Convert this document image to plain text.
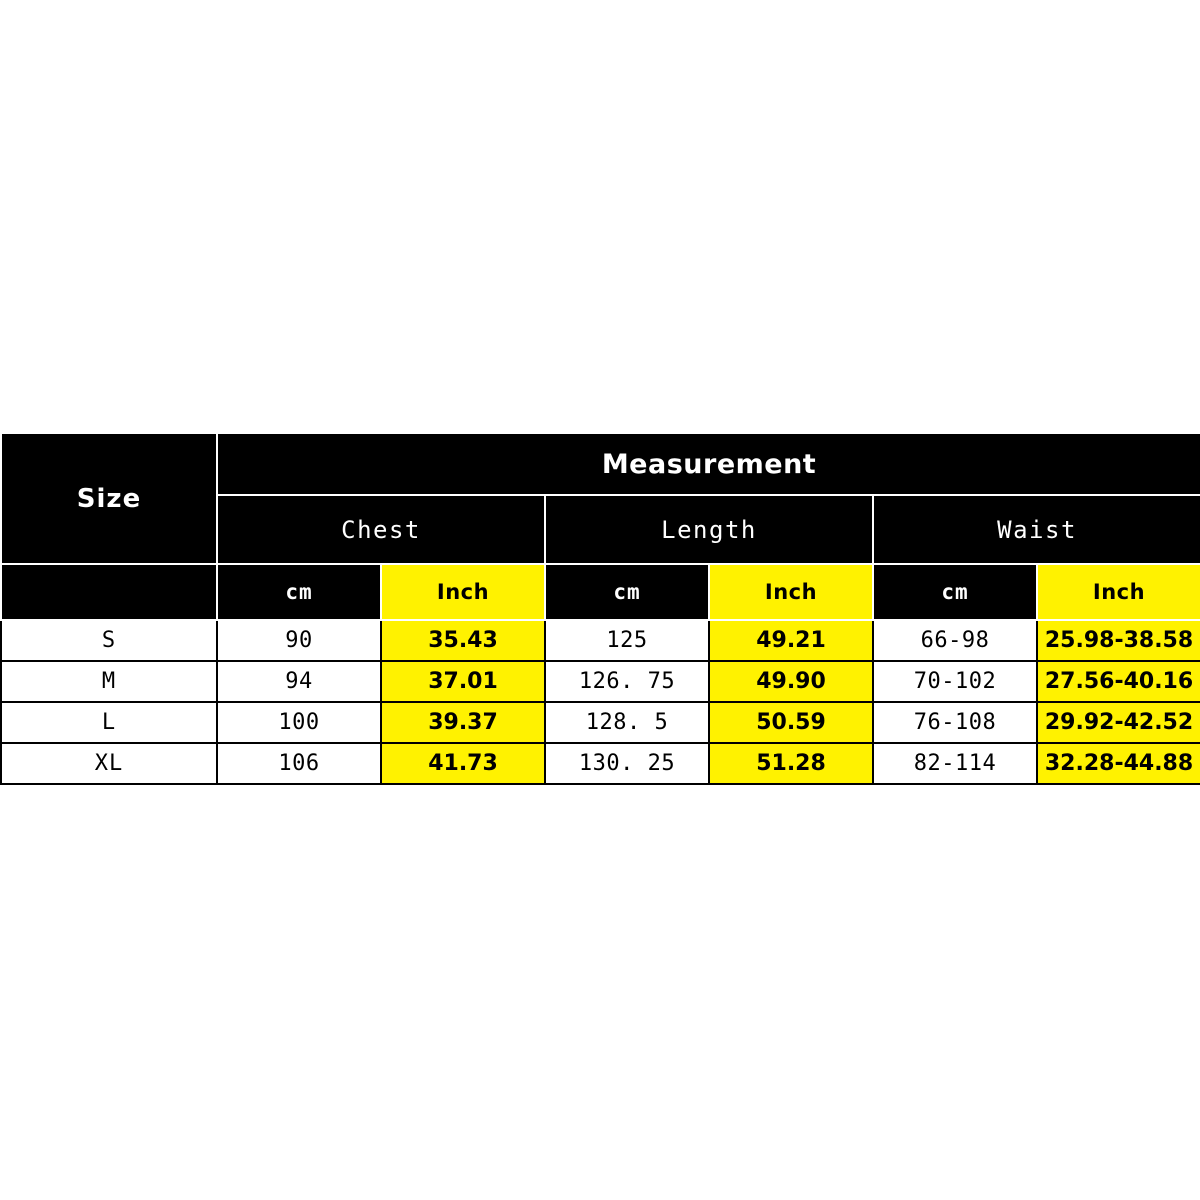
Size	Measurement					
	Chest		Length		Waist	
	cm	Inch	cm	Inch	cm	Inch
S	90	35.43	125	49.21	66-98	25.98-38.58
M	94	37.01	126. 75	49.90	70-102	27.56-40.16
L	100	39.37	128. 5	50.59	76-108	29.92-42.52
XL	106	41.73	130. 25	51.28	82-114	32.28-44.88
